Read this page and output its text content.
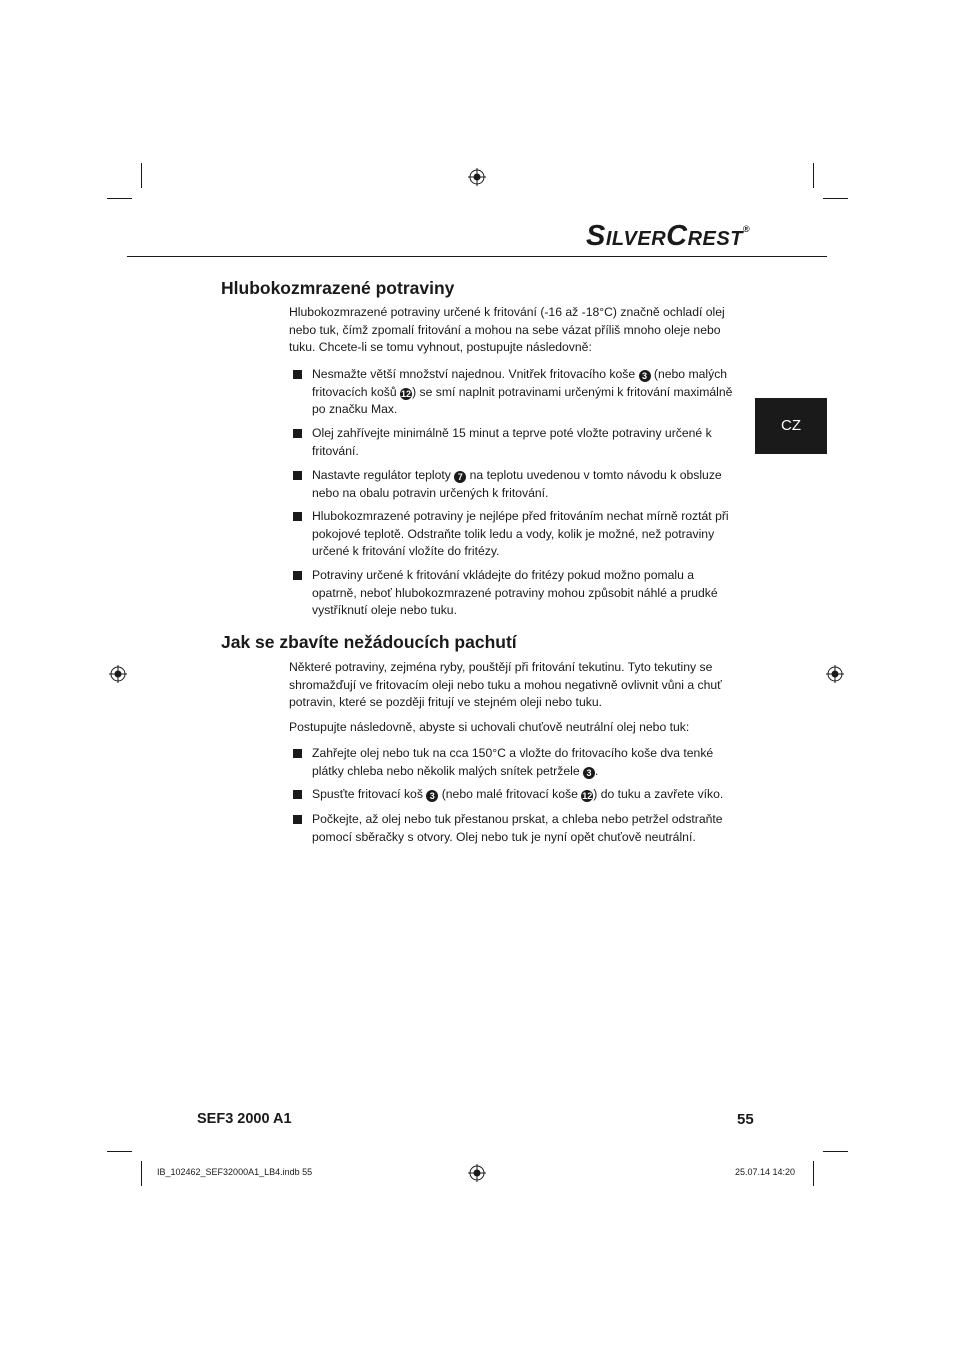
SILVERCREST®
CZ
Hlubokozmrazené potraviny
Hlubokozmrazené potraviny určené k fritování (-16 až -18°C) značně ochladí olej nebo tuk, čímž zpomalí fritování a mohou na sebe vázat příliš mnoho oleje nebo tuku. Chcete-li se tomu vyhnout, postupujte následovně:
Nesmažte větší množství najednou. Vnitřek fritovacího koše 3 (nebo malých fritovacích košů 12) se smí naplnit potravinami určenými k fritování maximálně po značku Max.
Olej zahřívejte minimálně 15 minut a teprve poté vložte potraviny určené k fritování.
Nastavte regulátor teploty 7 na teplotu uvedenou v tomto návodu k obsluze nebo na obalu potravin určených k fritování.
Hlubokozmrazené potraviny je nejlépe před fritováním nechat mírně roztát při pokojové teplotě. Odstraňte tolik ledu a vody, kolik je možné, než potraviny určené k fritování vložíte do fritézy.
Potraviny určené k fritování vkládejte do fritézy pokud možno pomalu a opatrně, neboť hlubokozmrazené potraviny mohou způsobit náhlé a prudké vystříknutí oleje nebo tuku.
Jak se zbavíte nežádoucích pachutí
Některé potraviny, zejména ryby, pouštějí při fritování tekutinu. Tyto tekutiny se shromažďují ve fritovacím oleji nebo tuku a mohou negativně ovlivnit vůni a chuť potravin, které se později fritují ve stejném oleji nebo tuku.
Postupujte následovně, abyste si uchovali chuťově neutrální olej nebo tuk:
Zahřejte olej nebo tuk na cca 150°C a vložte do fritovacího koše dva tenké plátky chleba nebo několik malých snítek petrželе 3 .
Spusťte fritovací koš 3 (nebo malé fritovací koše 12) do tuku a zavřete víko.
Počkejte, až olej nebo tuk přestanou prskat, a chleba nebo petržel odstraňte pomocí sběračky s otvory. Olej nebo tuk je nyní opět chuťově neutrální.
SEF3 2000 A1	55
IB_102462_SEF32000A1_LB4.indb 55	25.07.14 14:20
